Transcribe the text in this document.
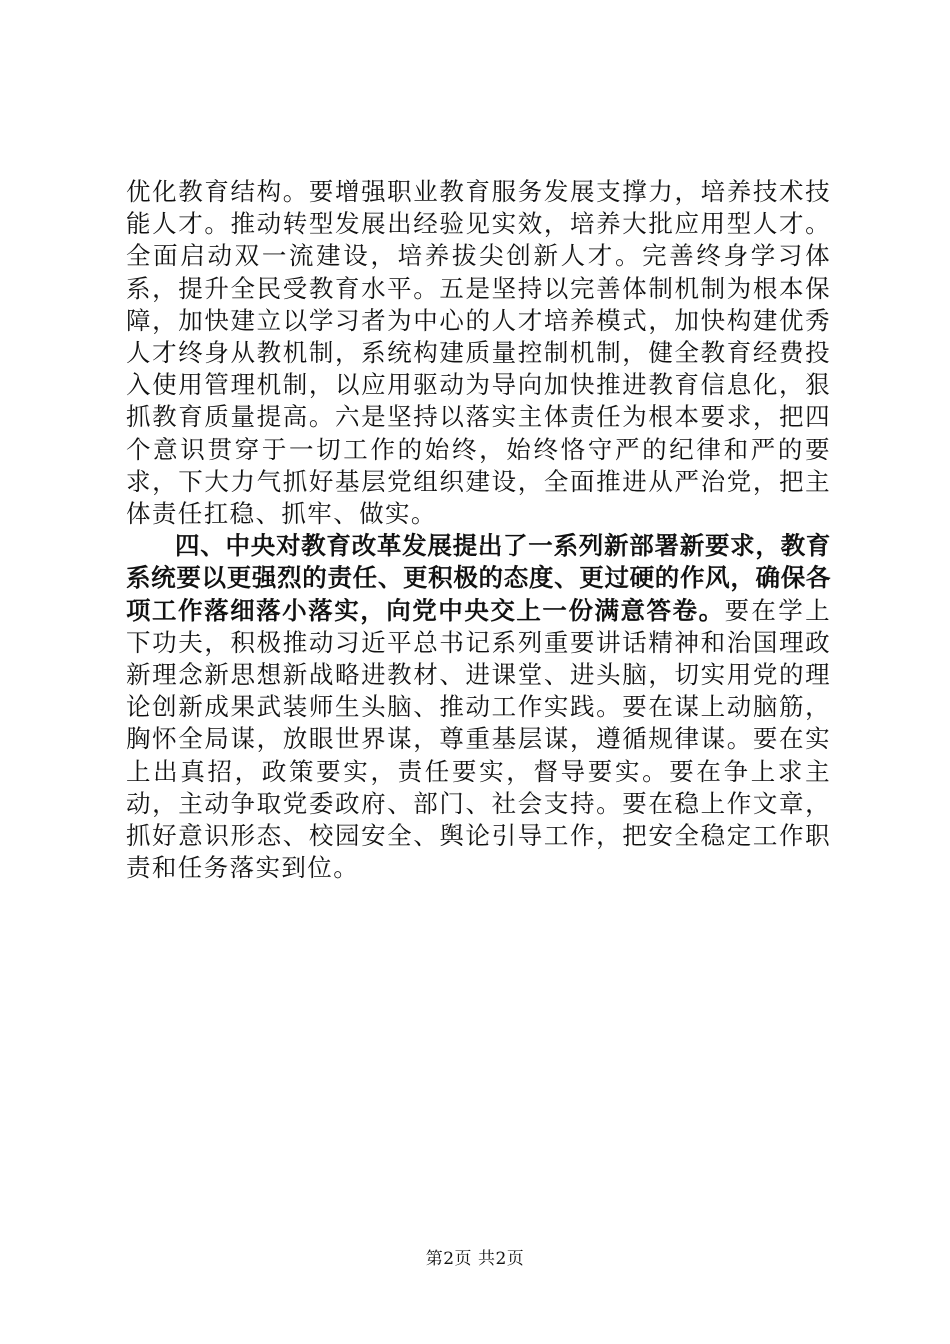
优化教育结构。要增强职业教育服务发展支撑力，培养技术技能人才。推动转型发展出经验见实效，培养大批应用型人才。全面启动双一流建设，培养拔尖创新人才。完善终身学习体系，提升全民受教育水平。五是坚持以完善体制机制为根本保障，加快建立以学习者为中心的人才培养模式，加快构建优秀人才终身从教机制，系统构建质量控制机制，健全教育经费投入使用管理机制，以应用驱动为导向加快推进教育信息化，狠抓教育质量提高。六是坚持以落实主体责任为根本要求，把四个意识贯穿于一切工作的始终，始终恪守严的纪律和严的要求，下大力气抓好基层党组织建设，全面推进从严治党，把主体责任扛稳、抓牢、做实。

四、中央对教育改革发展提出了一系列新部署新要求，教育系统要以更强烈的责任、更积极的态度、更过硬的作风，确保各项工作落细落小落实，向党中央交上一份满意答卷。要在学上下功夫，积极推动习近平总书记系列重要讲话精神和治国理政新理念新思想新战略进教材、进课堂、进头脑，切实用党的理论创新成果武装师生头脑、推动工作实践。要在谋上动脑筋，胸怀全局谋，放眼世界谋，尊重基层谋，遵循规律谋。要在实上出真招，政策要实，责任要实，督导要实。要在争上求主动，主动争取党委政府、部门、社会支持。要在稳上作文章，抓好意识形态、校园安全、舆论引导工作，把安全稳定工作职责和任务落实到位。

第2页 共2页
